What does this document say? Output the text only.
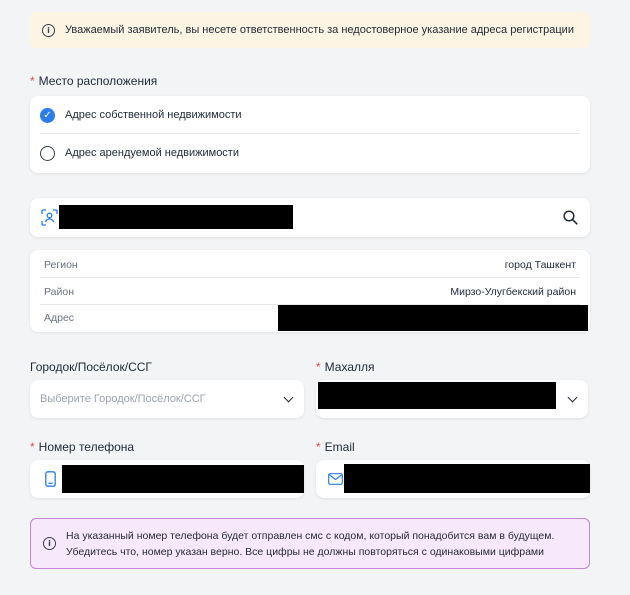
i	Уважаемый заявитель, вы несете ответственность за недостоверное указание адреса регистрации
* Место расположения
✓	Адрес собственной недвижимости
Адрес арендуемой недвижимости
Регион	город Ташкент
Район	Мирзо-Улугбекский район
Адрес
Городок/Посёлок/ССГ
Выберите Городок/Посёлок/ССГ
* Махалля
* Номер телефона	* Email
i
На указанный номер телефона будет отправлен смс с кодом, который понадобится вам в будущем.
Убедитесь что, номер указан верно. Все цифры не должны повторяться с одинаковыми цифрами
